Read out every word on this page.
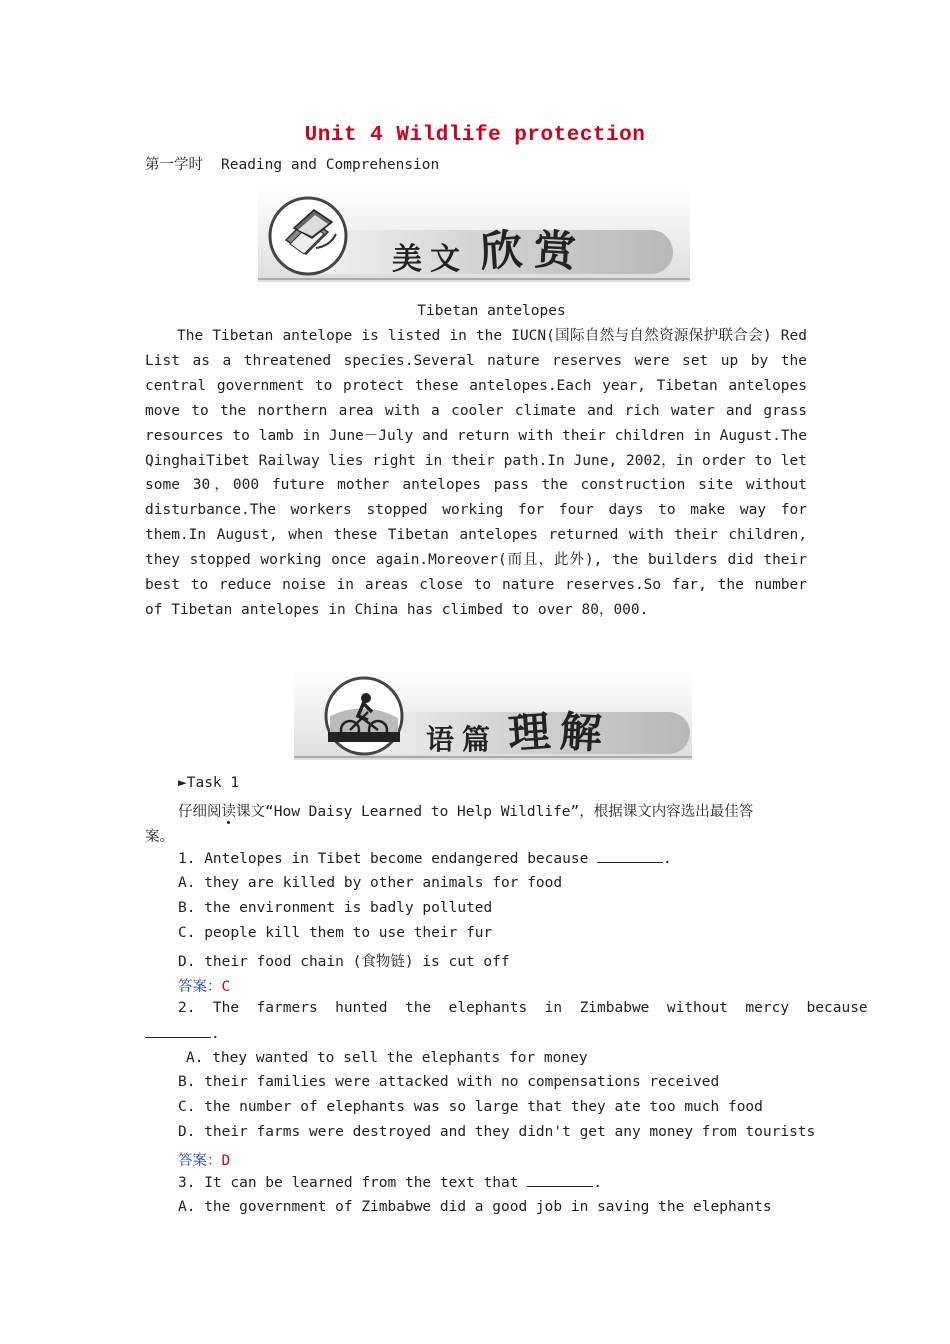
Unit 4 Wildlife protection
第一学时 Reading and Comprehension
美 文 欣 赏
Tibetan antelopes
The Tibetan antelope is listed in the IUCN(国际自然与自然资源保护联合会) Red List as a threatened species.Several nature reserves were set up by the central government to protect these antelopes.Each year, Tibetan antelopes move to the northern area with a cooler climate and rich water and grass resources to lamb in June－July and return with their children in August.The QinghaiTibet Railway lies right in their path.In June, 2002，in order to let some 30，000 future mother antelopes pass the construction site without disturbance.The workers stopped working for four days to make way for them.In August, when these Tibetan antelopes returned with their children, they stopped working once again.Moreover(而且，此外), the builders did their best to reduce noise in areas close to nature reserves.So far, the number of Tibetan antelopes in China has climbed to over 80，000.
语 篇 理 解
►Task 1
仔细阅读课文“How Daisy Learned to Help Wildlife”，根据课文内容选出最佳答
案。
1. Antelopes in Tibet become endangered because	.
A. they are killed by other animals for food
B. the environment is badly polluted
C. people kill them to use their fur
D. their food chain (食物链) is cut off
答案：C
2.  The  farmers  hunted  the  elephants  in  Zimbabwe  without  mercy  because
.
A. they wanted to sell the elephants for money
B. their families were attacked with no compensations received
C. the number of elephants was so large that they ate too much food
D. their farms were destroyed and they didn't get any money from tourists
答案：D
3. It can be learned from the text that	.
A. the government of Zimbabwe did a good job in saving the elephants
